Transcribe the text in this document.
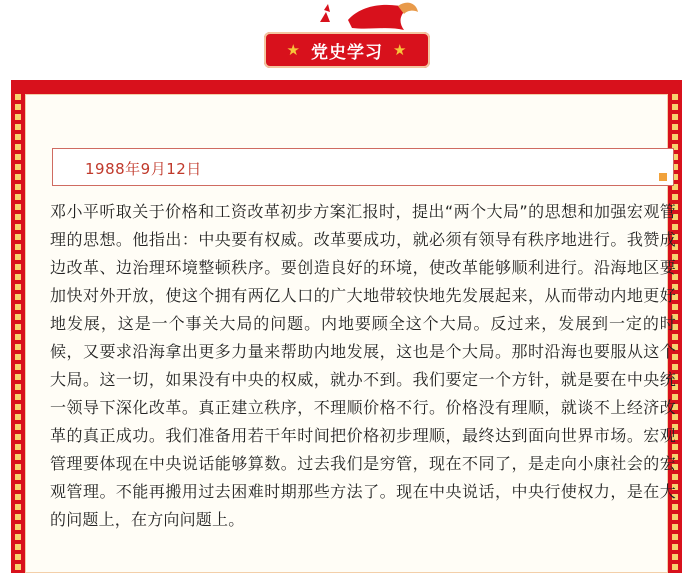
★ 党史学习 ★
1988年9月12日

邓小平听取关于价格和工资改革初步方案汇报时，提出“两个大局”的思想和加强宏观管理的思想。他指出：中央要有权威。改革要成功，就必须有领导有秩序地进行。我赞成边改革、边治理环境整顿秩序。要创造良好的环境，使改革能够顺利进行。沿海地区要加快对外开放，使这个拥有两亿人口的广大地带较快地先发展起来，从而带动内地更好地发展，这是一个事关大局的问题。内地要顾全这个大局。反过来，发展到一定的时候，又要求沿海拿出更多力量来帮助内地发展，这也是个大局。那时沿海也要服从这个大局。这一切，如果没有中央的权威，就办不到。我们要定一个方针，就是要在中央统一领导下深化改革。真正建立秩序，不理顺价格不行。价格没有理顺，就谈不上经济改革的真正成功。我们准备用若干年时间把价格初步理顺，最终达到面向世界市场。宏观管理要体现在中央说话能够算数。过去我们是穷管，现在不同了，是走向小康社会的宏观管理。不能再搬用过去困难时期那些方法了。现在中央说话，中央行使权力，是在大的问题上，在方向问题上。
